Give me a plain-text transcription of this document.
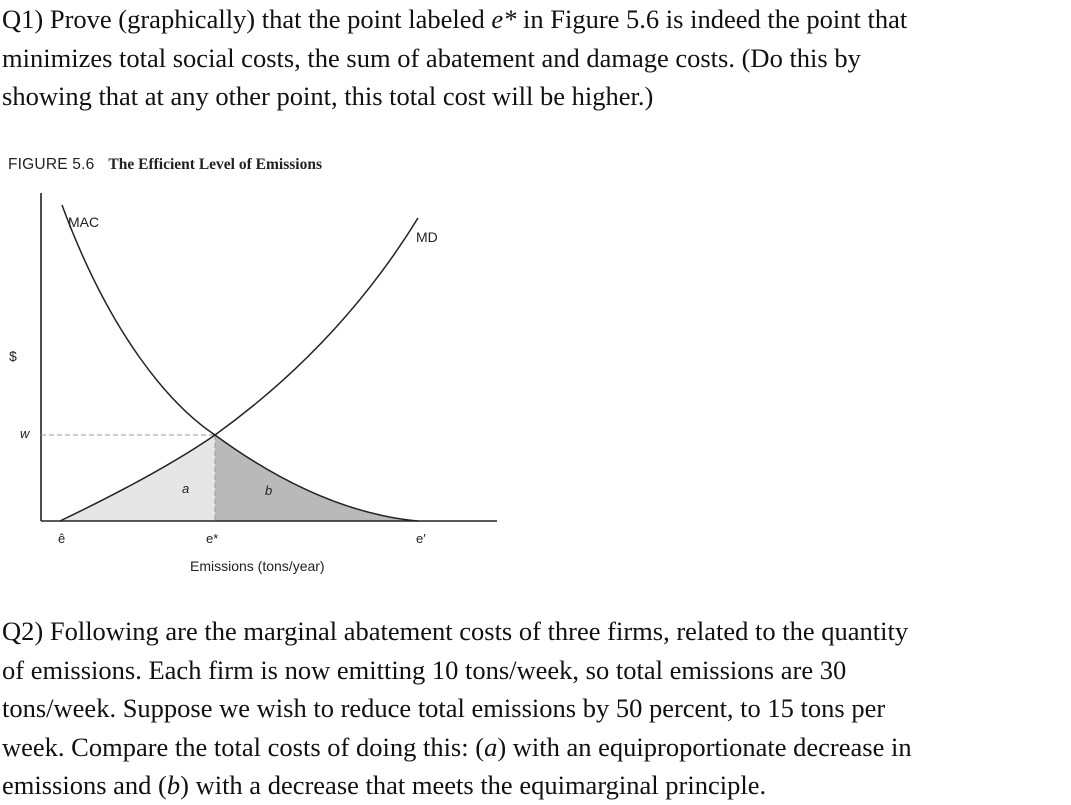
Q1) Prove (graphically) that the point labeled e* in Figure 5.6 is indeed the point that
minimizes total social costs, the sum of abatement and damage costs. (Do this by
showing that at any other point, this total cost will be higher.)
FIGURE 5.6 The Efficient Level of Emissions
MAC
MD
$
w
a	b
ê	e*	e′
Emissions (tons/year)
Q2) Following are the marginal abatement costs of three firms, related to the quantity
of emissions. Each firm is now emitting 10 tons/week, so total emissions are 30
tons/week. Suppose we wish to reduce total emissions by 50 percent, to 15 tons per
week. Compare the total costs of doing this: (a) with an equiproportionate decrease in
emissions and (b) with a decrease that meets the equimarginal principle.
